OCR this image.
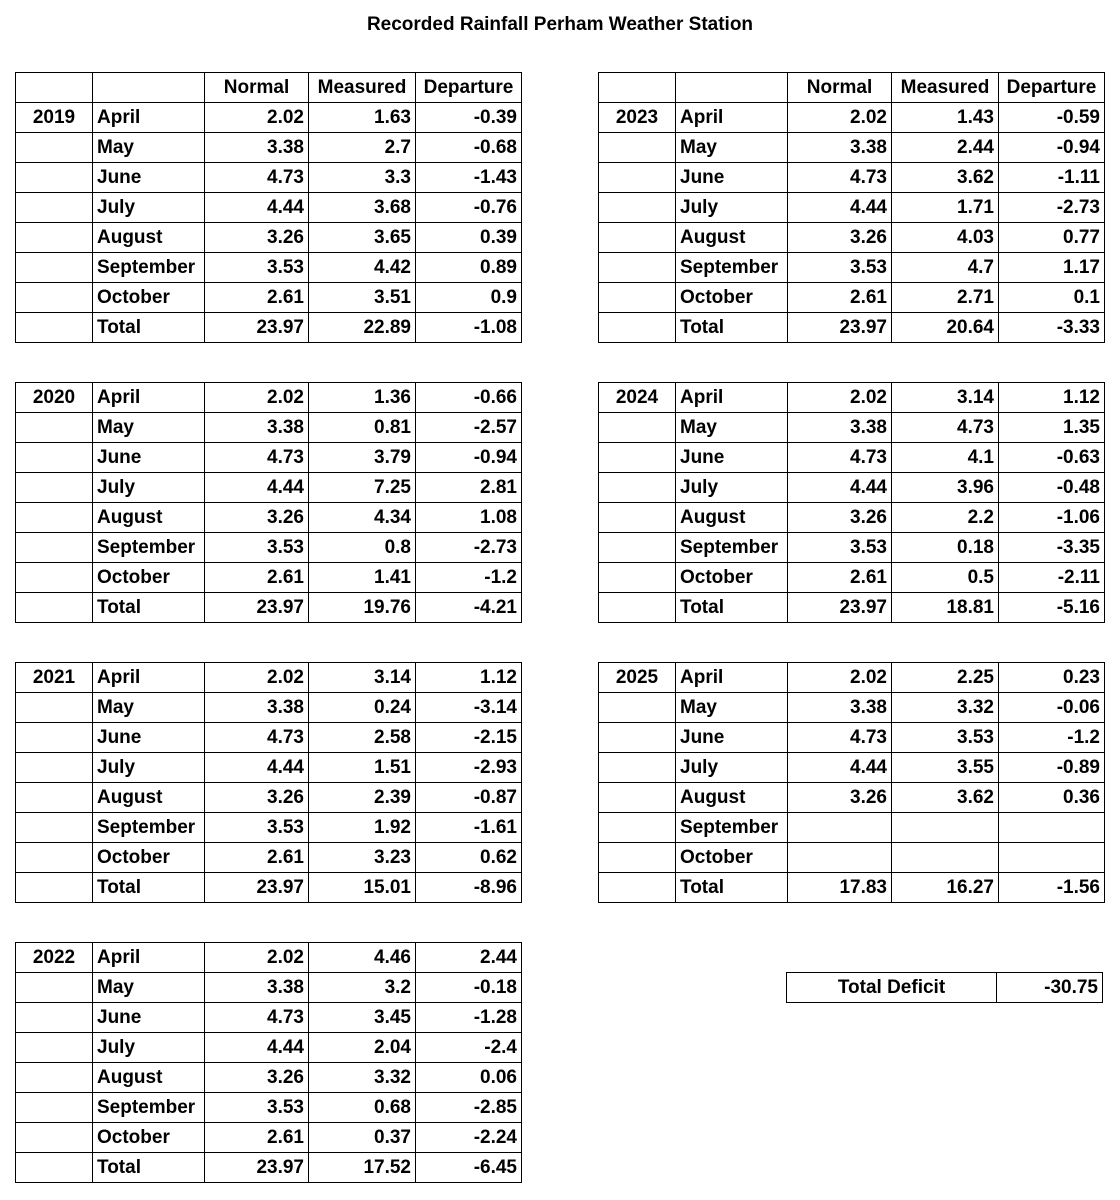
Recorded Rainfall Perham Weather Station
		Normal	Measured	Departure
2019	April	2.02	1.63	-0.39
	May	3.38	2.7	-0.68
	June	4.73	3.3	-1.43
	July	4.44	3.68	-0.76
	August	3.26	3.65	0.39
	September	3.53	4.42	0.89
	October	2.61	3.51	0.9
	Total	23.97	22.89	-1.08
2020	April	2.02	1.36	-0.66
	May	3.38	0.81	-2.57
	June	4.73	3.79	-0.94
	July	4.44	7.25	2.81
	August	3.26	4.34	1.08
	September	3.53	0.8	-2.73
	October	2.61	1.41	-1.2
	Total	23.97	19.76	-4.21
2021	April	2.02	3.14	1.12
	May	3.38	0.24	-3.14
	June	4.73	2.58	-2.15
	July	4.44	1.51	-2.93
	August	3.26	2.39	-0.87
	September	3.53	1.92	-1.61
	October	2.61	3.23	0.62
	Total	23.97	15.01	-8.96
2022	April	2.02	4.46	2.44
	May	3.38	3.2	-0.18
	June	4.73	3.45	-1.28
	July	4.44	2.04	-2.4
	August	3.26	3.32	0.06
	September	3.53	0.68	-2.85
	October	2.61	0.37	-2.24
	Total	23.97	17.52	-6.45
		Normal	Measured	Departure
2023	April	2.02	1.43	-0.59
	May	3.38	2.44	-0.94
	June	4.73	3.62	-1.11
	July	4.44	1.71	-2.73
	August	3.26	4.03	0.77
	September	3.53	4.7	1.17
	October	2.61	2.71	0.1
	Total	23.97	20.64	-3.33
2024	April	2.02	3.14	1.12
	May	3.38	4.73	1.35
	June	4.73	4.1	-0.63
	July	4.44	3.96	-0.48
	August	3.26	2.2	-1.06
	September	3.53	0.18	-3.35
	October	2.61	0.5	-2.11
	Total	23.97	18.81	-5.16
2025	April	2.02	2.25	0.23
	May	3.38	3.32	-0.06
	June	4.73	3.53	-1.2
	July	4.44	3.55	-0.89
	August	3.26	3.62	0.36
	September			
	October			
	Total	17.83	16.27	-1.56
Total Deficit	-30.75
